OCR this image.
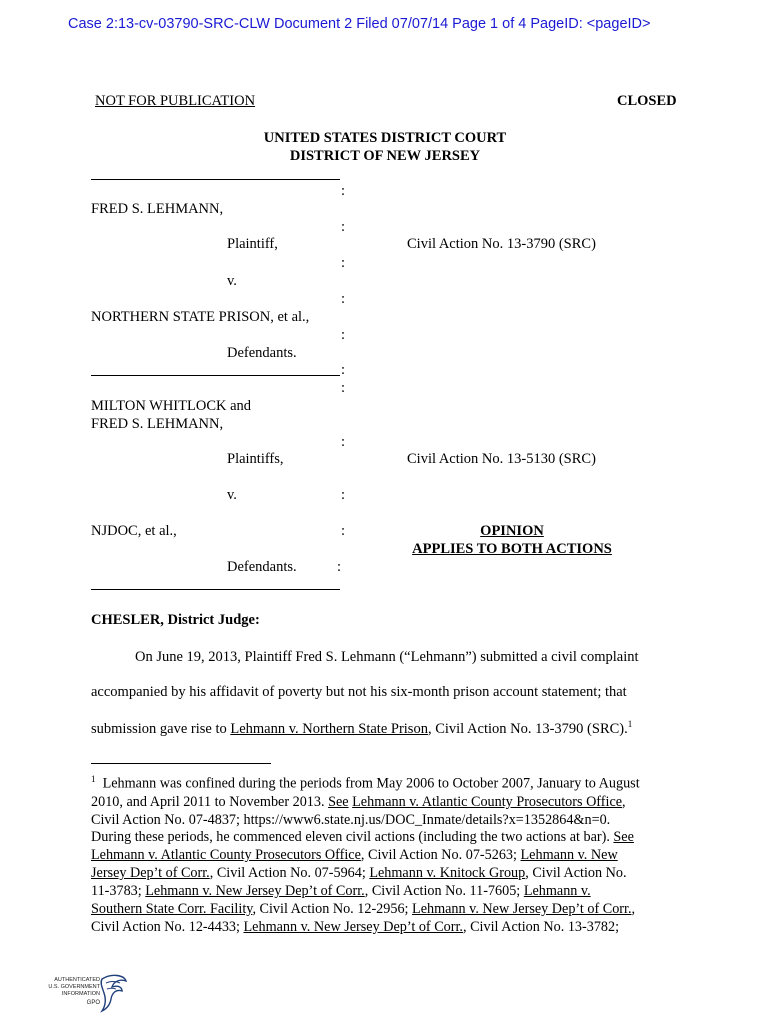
Case 2:13-cv-03790-SRC-CLW Document 2 Filed 07/07/14 Page 1 of 4 PageID: <pageID>
NOT FOR PUBLICATION	CLOSED
UNITED STATES DISTRICT COURT
DISTRICT OF NEW JERSEY
:
FRED S. LEHMANN,
:
Plaintiff,	Civil Action No. 13-3790 (SRC)
:
v.
:
NORTHERN STATE PRISON, et al.,
:
Defendants.
:
:
MILTON WHITLOCK and
FRED S. LEHMANN,
:
Plaintiffs,	Civil Action No. 13-5130 (SRC)
v.	:
NJDOC, et al.,	:	OPINION
APPLIES TO BOTH ACTIONS
Defendants.	:
CHESLER, District Judge:
On June 19, 2013, Plaintiff Fred S. Lehmann (“Lehmann”) submitted a civil complaint
accompanied by his affidavit of poverty but not his six-month prison account statement; that
submission gave rise to Lehmann v. Northern State Prison, Civil Action No. 13-3790 (SRC).$^1$
$^1$ Lehmann was confined during the periods from May 2006 to October 2007, January to August
2010, and April 2011 to November 2013. See Lehmann v. Atlantic County Prosecutors Office,
Civil Action No. 07-4837; https://www6.state.nj.us/DOC_Inmate/details?x=1352864&n=0.
During these periods, he commenced eleven civil actions (including the two actions at bar). See
Lehmann v. Atlantic County Prosecutors Office, Civil Action No. 07-5263; Lehmann v. New
Jersey Dep’t of Corr., Civil Action No. 07-5964; Lehmann v. Knitock Group, Civil Action No.
11-3783; Lehmann v. New Jersey Dep’t of Corr., Civil Action No. 11-7605; Lehmann v.
Southern State Corr. Facility, Civil Action No. 12-2956; Lehmann v. New Jersey Dep’t of Corr.,
Civil Action No. 12-4433; Lehmann v. New Jersey Dep’t of Corr., Civil Action No. 13-3782;
AUTHENTICATED
U.S. GOVERNMENT
INFORMATION
GPO
